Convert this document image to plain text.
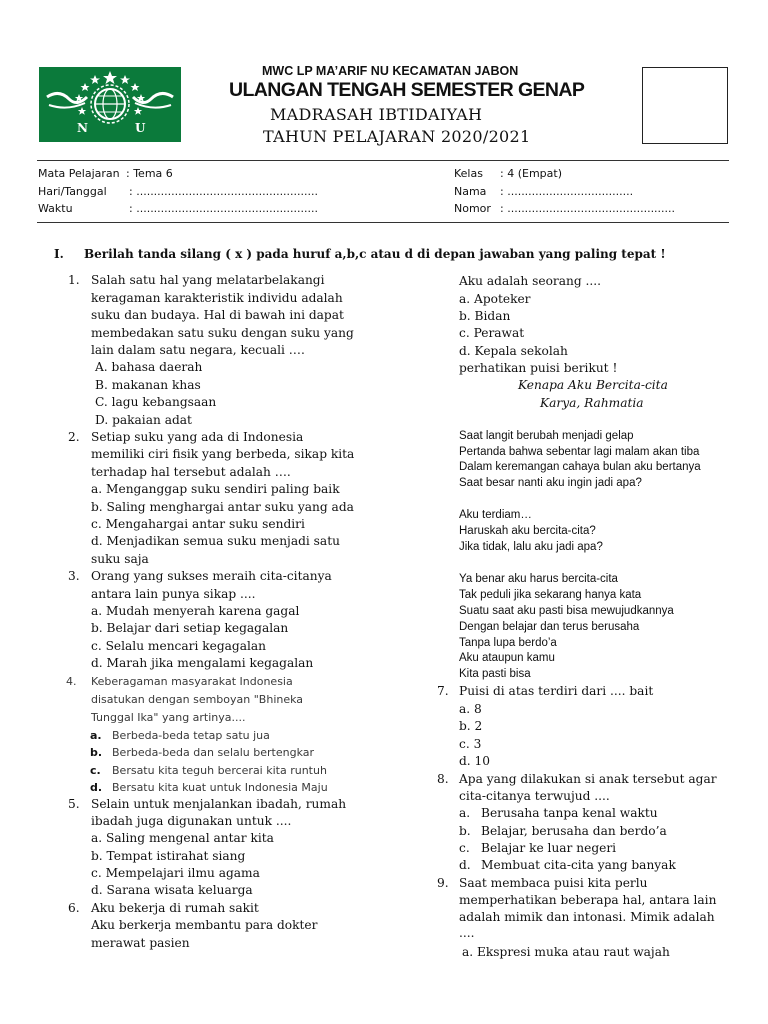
N	U
MWC LP MA’ARIF NU KECAMATAN JABON
ULANGAN TENGAH SEMESTER GENAP
MADRASAH IBTIDAIYAH
TAHUN PELAJARAN 2020/2021
Mata Pelajaran : Tema 6
Hari/Tanggal : ....................................................
Waktu	: ....................................................
Kelas : 4 (Empat)
Nama : ....................................
Nomor : ................................................
I. Berilah tanda silang ( x ) pada huruf a,b,c atau d di depan jawaban yang paling tepat !
1. Salah satu hal yang melatarbelakangi
keragaman karakteristik individu adalah
suku dan budaya. Hal di bawah ini dapat
membedakan satu suku dengan suku yang
lain dalam satu negara, kecuali ….
A. bahasa daerah
B. makanan khas
C. lagu kebangsaan
D. pakaian adat
2. Setiap suku yang ada di Indonesia
memiliki ciri fisik yang berbeda, sikap kita
terhadap hal tersebut adalah ….
a. Menganggap suku sendiri paling baik
b. Saling menghargai antar suku yang ada
c. Mengahargai antar suku sendiri
d. Menjadikan semua suku menjadi satu
suku saja
3. Orang yang sukses meraih cita-citanya
antara lain punya sikap ....
a. Mudah menyerah karena gagal
b. Belajar dari setiap kegagalan
c. Selalu mencari kegagalan
d. Marah jika mengalami kegagalan
4. Keberagaman masyarakat Indonesia
disatukan dengan semboyan "Bhineka
Tunggal Ika" yang artinya....
a. Berbeda-beda tetap satu jua
b. Berbeda-beda dan selalu bertengkar
c. Bersatu kita teguh bercerai kita runtuh
d. Bersatu kita kuat untuk Indonesia Maju
5. Selain untuk menjalankan ibadah, rumah
ibadah juga digunakan untuk ....
a. Saling mengenal antar kita
b. Tempat istirahat siang
c. Mempelajari ilmu agama
d. Sarana wisata keluarga
6. Aku bekerja di rumah sakit
Aku berkerja membantu para dokter
merawat pasien
Aku adalah seorang ....
a. Apoteker
b. Bidan
c. Perawat
d. Kepala sekolah
perhatikan puisi berikut !
Kenapa Aku Bercita-cita
Karya, Rahmatia
Saat langit berubah menjadi gelap
Pertanda bahwa sebentar lagi malam akan tiba
Dalam keremangan cahaya bulan aku bertanya
Saat besar nanti aku ingin jadi apa?
Aku terdiam…
Haruskah aku bercita-cita?
Jika tidak, lalu aku jadi apa?
Ya benar aku harus bercita-cita
Tak peduli jika sekarang hanya kata
Suatu saat aku pasti bisa mewujudkannya
Dengan belajar dan terus berusaha
Tanpa lupa berdo’a
Aku ataupun kamu
Kita pasti bisa
7. Puisi di atas terdiri dari .... bait
a. 8
b. 2
c. 3
d. 10
8. Apa yang dilakukan si anak tersebut agar
cita-citanya terwujud ....
a. Berusaha tanpa kenal waktu
b. Belajar, berusaha dan berdo’a
c. Belajar ke luar negeri
d. Membuat cita-cita yang banyak
9. Saat membaca puisi kita perlu
memperhatikan beberapa hal, antara lain
adalah mimik dan intonasi. Mimik adalah
....
a. Ekspresi muka atau raut wajah
